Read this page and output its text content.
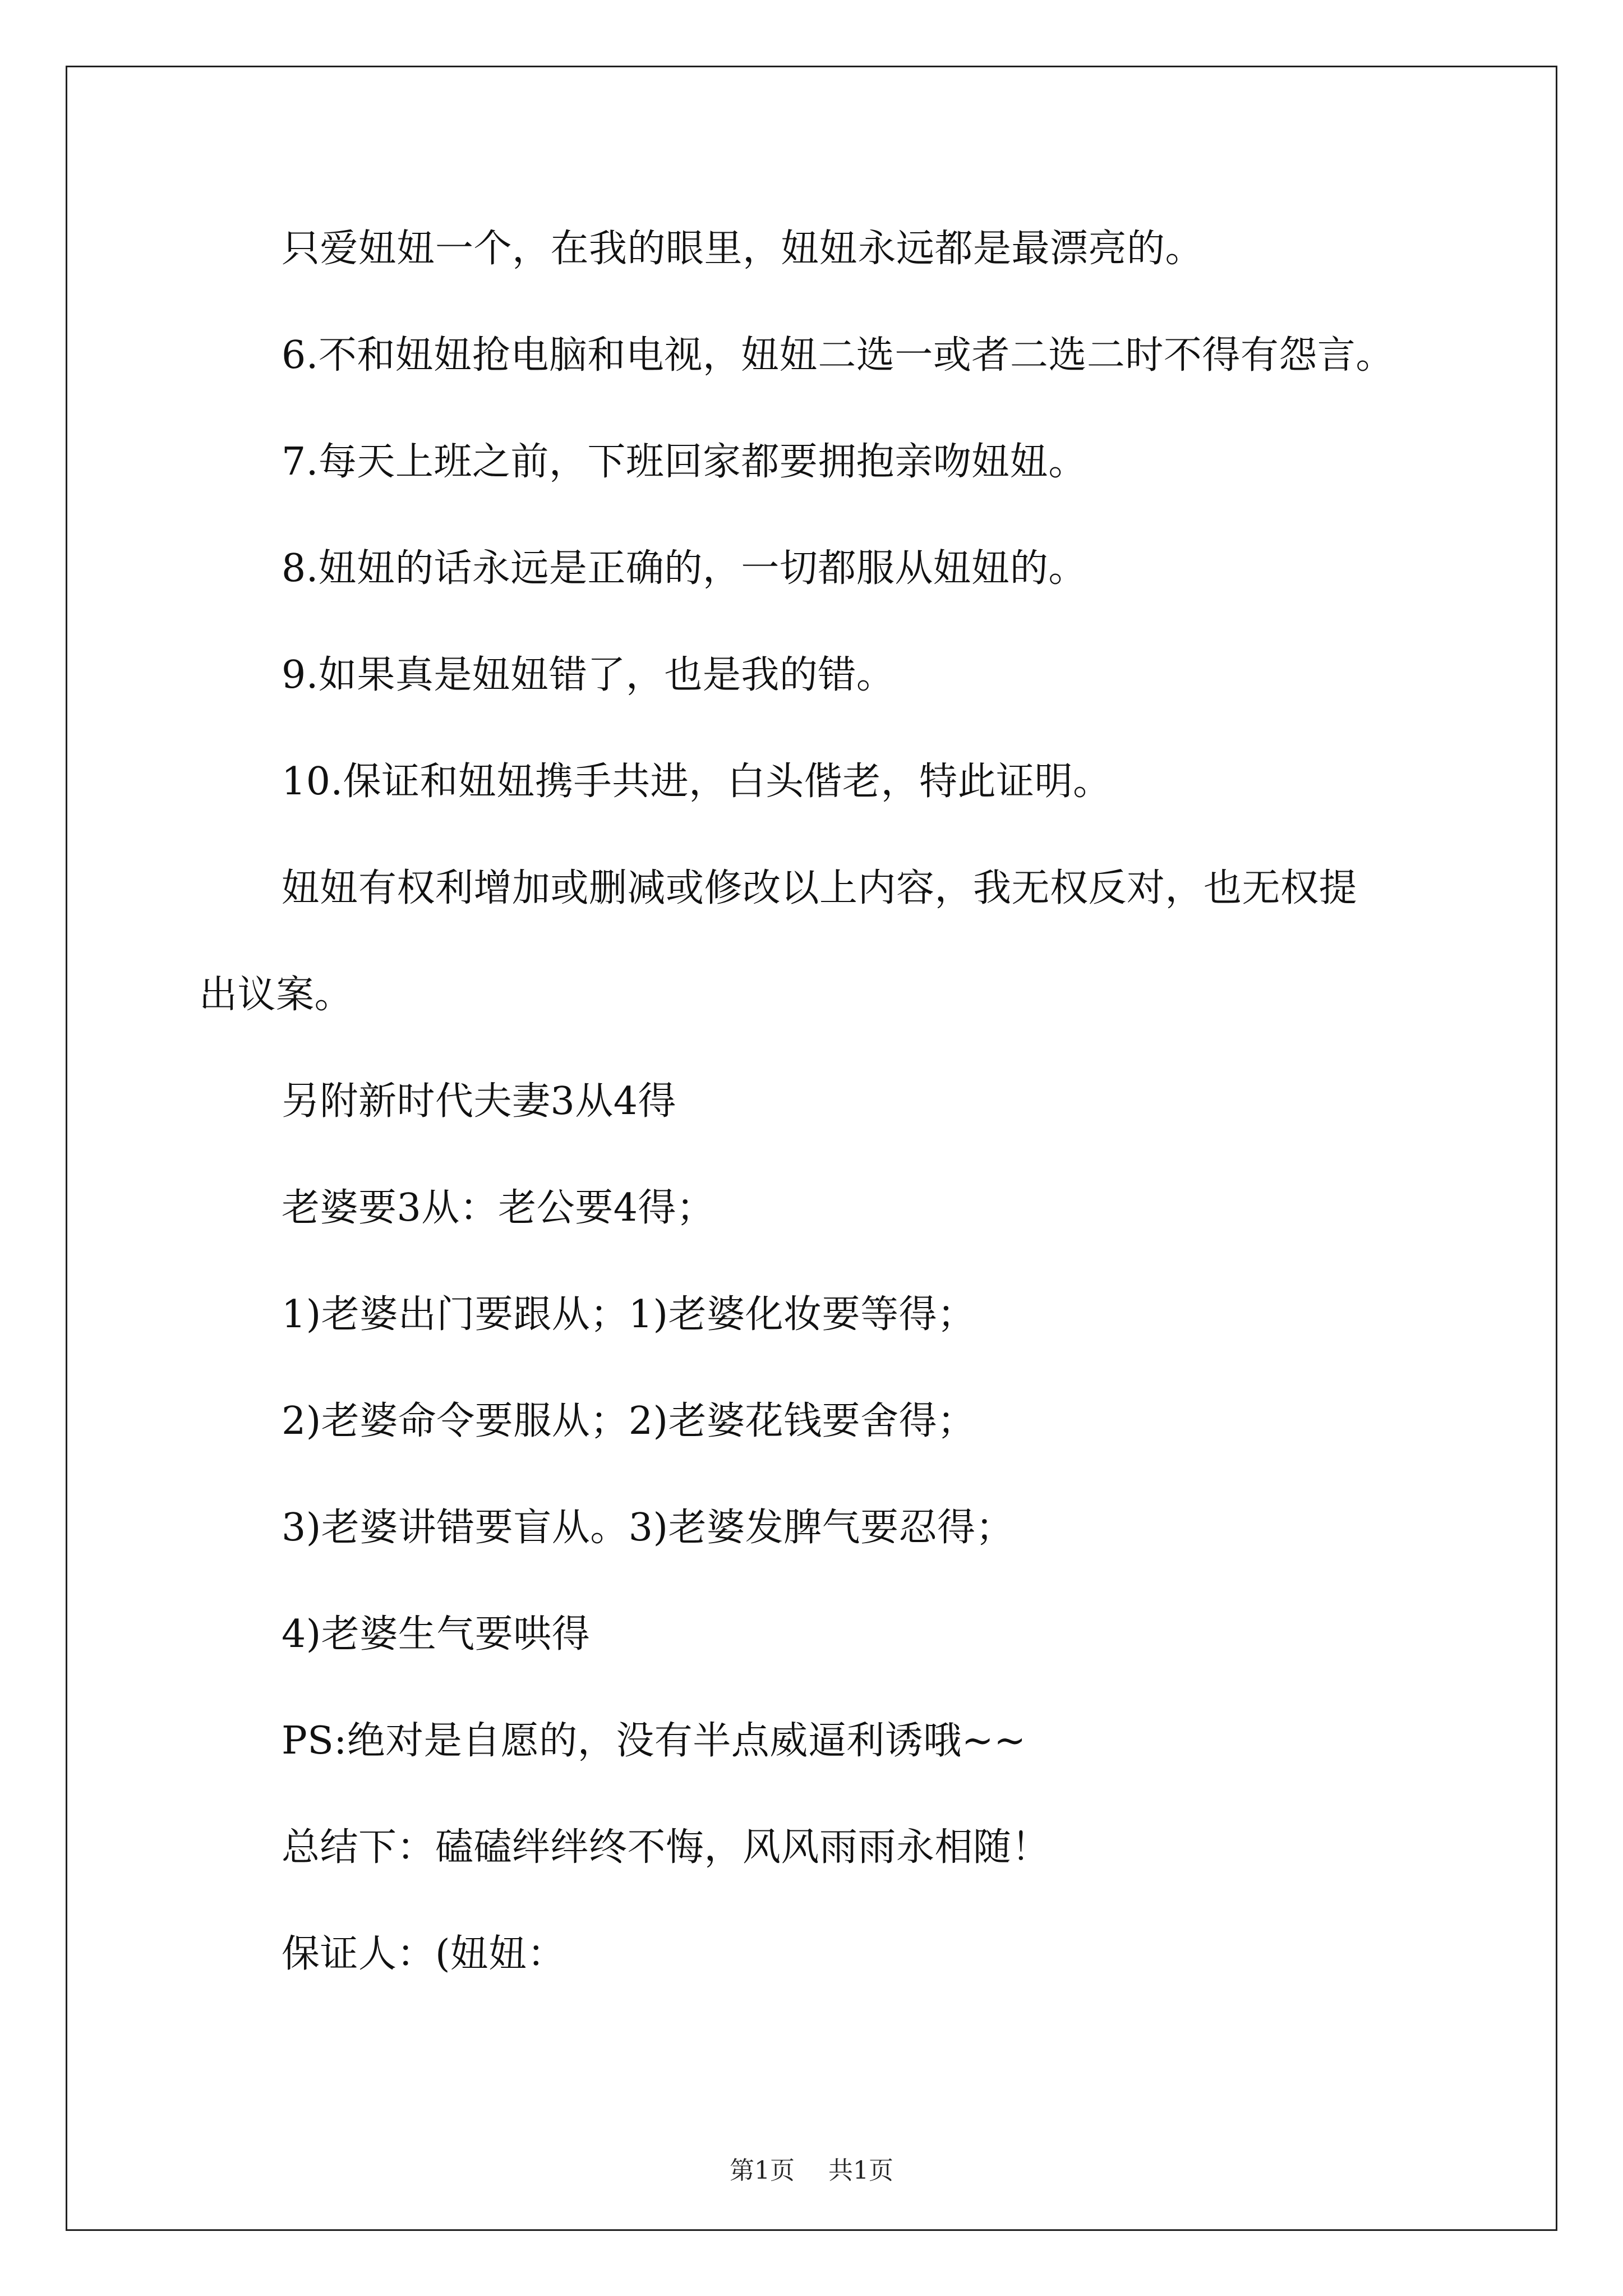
只爱妞妞一个，在我的眼里，妞妞永远都是最漂亮的。
6.不和妞妞抢电脑和电视，妞妞二选一或者二选二时不得有怨言。
7.每天上班之前，下班回家都要拥抱亲吻妞妞。
8.妞妞的话永远是正确的，一切都服从妞妞的。
9.如果真是妞妞错了，也是我的错。
10.保证和妞妞携手共进，白头偕老，特此证明。
妞妞有权利增加或删减或修改以上内容，我无权反对，也无权提
出议案。
另附新时代夫妻3从4得
老婆要3从：老公要4得；
1)老婆出门要跟从；1)老婆化妆要等得；
2)老婆命令要服从；2)老婆花钱要舍得；
3)老婆讲错要盲从。3)老婆发脾气要忍得；
4)老婆生气要哄得
PS:绝对是自愿的，没有半点威逼利诱哦~~
总结下：磕磕绊绊终不悔，风风雨雨永相随！
保证人：(妞妞：
第1页 共1页
